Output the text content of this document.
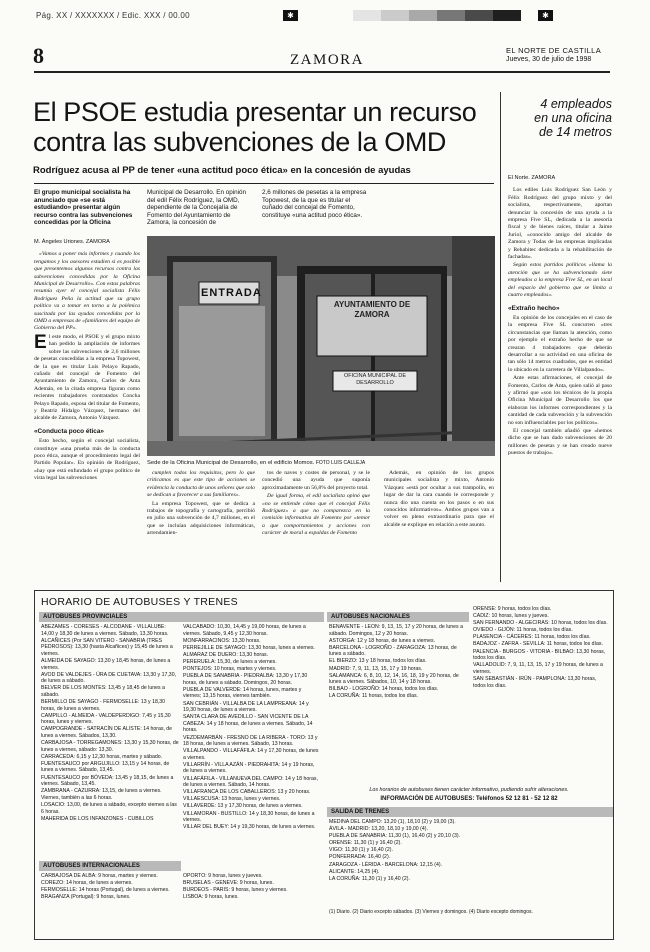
Pág. XX / XXXXXXX / Edic. XXX / 00.00	✱	✱
8	ZAMORA
EL NORTE DE CASTILLA
Jueves, 30 de julio de 1998
El PSOE estudia presentar un recurso
contra las subvenciones de la OMD
Rodríguez acusa al PP de tener «una actitud poco ética» en la concesión de ayudas
El grupo municipal socialista ha anunciado que «se está estudiando» presentar algún recurso contra las subvenciones concedidas por la Oficina
Municipal de Desarrollo. En opinión del edil Félix Rodríguez, la OMD, dependiente de la Concejalía de Fomento del Ayuntamiento de Zamora, la concesión de
2,6 millones de pesetas a la empresa Topowest, de la que es titular el cuñado del concejal de Fomento, constituye «una actitud poco ética».
M. Ángeles Uriones. ZAMORA

«Vamos a poner más informes y cuando los tengamos y los asesores estudien si es posible que presentemos algunos recursos contra las subvenciones concedidas por la Oficina Municipal de Desarrollo». Con estas palabras resumía ayer el concejal socialista Félix Rodríguez Peña la actitud que su grupo político va a tomar en torno a la polémica suscitada por las ayudas concedidas por la OMD a empresas de «familiares del equipo de Gobierno del PP».

El este modo, el PSOE y el grupo mixto han pedido la ampliación de informes sobre las subvenciones de 2,6 millones de pesetas concedidas a la empresa Topowest, de la que es titular Luis Pelayo Rapado, cuñado del concejal de Fomento del Ayuntamiento de Zamora, Carlos de Anta Ademán, en la citada empresa figuran como recientes trabajadores contratados Concha Pelayo Rapado, esposa del titular de Fomento, y Beatriz Hidalgo Vázquez, hermano del alcalde de Zamora, Antonio Vázquez.

«Conducta poco ética»

Esto hecho, según el concejal socialista, constituye «una prueba más de la conducta poco ética, aunque el procedimiento legal del Partido Popular». En opinión de Rodríguez, «hay que está enfundado el grupo político de vista legal las subvenciones

ENTRADA
AYUNTAMIENTO DE ZAMORA
OFICINA MUNICIPAL DE DESARROLLO
Sede de la Oficina Municipal de Desarrollo, en el edificio Momos. FOTO LUIS CALLEJA

cumplen todos los requisitos, pero lo que criticamos es que este tipo de acciones se evidencia la conducta de unos señores que solo se dedican a favorecer a sus familiares».

La empresa Topowest, que se dedica a trabajos de topografía y cartografía, percibió en julio una subvención de 4,7 millones, en el que se incluían adquisiciones informáticas, arrendamien-

tos de naves y costes de personal, y se le concedió una ayuda que suponía aproximadamente un 56,8% del proyecto total.

De igual forma, el edil socialista opinó que «no se entiende cómo que el concejal Félix Rodríguez» a que no comparezca en la comisión informativa de Fomento por «temor a que comportamientos y acciones con carácter de moral a espaldas de Fomento

Además, en opinión de los grupos municipales socialista y mixto, Antonio Vázquez «está por ocultar a sus trampolín, en lugar de dar la cara cuando le corresponde y nunca dio una cuenta en los pasos o en sus conocidos informativos». Ambos grupos van a volver en pleno extraordinario para que el alcalde se explique en relación a este asunto.

4 empleados
en una oficina
de 14 metros
El Norte. ZAMORA

Los ediles Luis Rodríguez San León y Félix Rodríguez del grupo mixto y del socialista, respectivamente, aportan denunciar la concesión de una ayuda a la empresa Five SL, dedicada a la asesoría fiscal y de bienes raíces, titular a Jaime Juriol, «conocido amigo del alcalde de Zamora y Todas de las empresas implicadas y Rehabitec dedicada a la rehabilitación de fachadas».

Según estos partidos políticos «llama la atención que se ha subvencionado siete empleados a la empresa Five SL, en un local del espacio del gobierno que se limita a cuatro empleados».

«Extraño hecho»

En opinión de los concejales en el caso de la empresa Five SL concurren «tres circunstancias que llaman la atención, como por ejemplo el extraño hecho de que se crearan 4 trabajadores que deberán desarrollar a su actividad en una oficina de tan sólo 14 metros cuadrados, que es entidad lo ubicado en la carretera de Villalpando».

Ante estas afirmaciones, el concejal de Fomento, Carlos de Anta, quien salió al paso y afirmó que «son los técnicos de la propia Oficina Municipal de Desarrollo los que elaboran los informes correspondientes y la cantidad de cada subvención y la subvención no son influenciables por los políticos».

El concejal también añadió que «hemos dicho que se han dado subvenciones de 20 millones de pesetas y se han creado nueve puestos de trabajo».

HORARIO DE AUTOBUSES Y TRENES
AUTOBUSES PROVINCIALES
ABEZAMES - CORESES - ALCODANE - VILLALUBE: 14,00 y 18,30 de lunes a viernes. Sábado, 13,30 horas.
ALCAÑICES (Por SAN VITERO - SANABRIA (TRES PEDROSOS): 13,30 (hasta Alcañices) y 15,45 de lunes a viernes.
ALMEIDA DE SAYAGO: 13,30 y 18,45 horas, de lunes a viernes.
AVOD DE VALDEJES - ÚRA DE CUETAVA: 13,30 y 17,30, de lunes a sábado.
BELVER DE LOS MONTES: 13,45 y 18,45 de lunes a sábado.
BERMILLO DE SAYAGO - FERMOSELLE: 13 y 18,30 horas, de lunes a viernes.
CAMPILLO - ALMEIDA - VALDEPERDIGO: 7,45 y 15,30 horas, lunes y viernes.
CAMPOGRANDE - SATRACÍN DE ALISTE: 14 horas, de lunes a viernes. Sábados, 13,30.
CARBAJOSA - TORREGAMONES: 13,30 y 15,30 horas, de lunes a viernes, sábado: 13,30.
CARRACEDA: 6,15 y 12,30 horas, martes y sábado.
FUENTESAUCO por ARGUJILLO: 13,15 y 14 horas, de lunes a viernes. Sábado, 13,45.
FUENTESAUCO por BÓVEDA: 13,45 y 18,15, de lunes a viernes. Sábado, 13,45.
ZAMBRANA - CAZURRA: 13,15, de lunes a viernes. Viernes, también a las 6 horas.
LOSACIO: 13,00, de lunes a sábado, excepto viernes a las 6 horas.
MAHERIDA DE LOS INFANZONES - CUBILLOS
VALCABADO: 10,30, 14,45 y 19,00 horas, de lunes a viernes. Sábado, 9,45 y 12,30 horas.
MONFARRACINOS: 13,30 horas.
PERREJILLE DE SAYAGO: 13,30 horas, lunes a viernes.
ALMARAZ DE DUERO: 13,30 horas.
PERERUELA: 15,30, de lunes a viernes.
PONTEJOS: 10 horas, martes y viernes.
PUEBLA DE SANABRIA - PIEDRALBA: 13,30 y 17,30 horas, de lunes a sábado. Domingos, 20 horas.
PUEBLA DE VALVERDE: 14 horas, lunes, martes y viernes; 13,15 horas, viernes también.
SAN CEBRIÁN - VILLALBA DE LA LAMPREANA: 14 y 19,30 horas, de lunes a viernes.
SANTA CLARA DE AVEDILLO - SAN VICENTE DE LA CABEZA: 14 y 18 horas, de lunes a viernes. Sábado, 14 horas.
VEZDEMARBÁN - FRESNO DE LA RIBERA - TORO: 13 y 18 horas, de lunes a viernes. Sábado, 13 horas.
VILLALPANDO - VILLAFÁFILA: 14 y 17,30 horas, de lunes a viernes.
VILLARRÍN - VILLA AZÁN - PIEDRAHITA: 14 y 19 horas, de lunes a viernes.
VILLAFÁFILA - VILLANUEVA DEL CAMPO: 14 y 18 horas, de lunes a viernes. Sábado, 14 horas.
VILLAFRANCA DE LOS CABALLEROS: 13 y 20 horas.
VILLAESCUSA: 13 horas, lunes y viernes.
VILLAVERDE: 13 y 17,30 horas, de lunes a viernes.
VILLAMORAN - BUSTILLO: 14 y 18,30 horas, de lunes a viernes.
VILLAR DEL BUEY: 14 y 19,30 horas, de lunes a viernes.
AUTOBUSES INTERNACIONALES
CARBAJOSA DE ALBA: 9 horas, martes y viernes.
COREZO: 14 horas, de lunes a viernes.
FERMOSELLE: 14 horas (Portugal), de lunes a viernes.
BRAGANZA (Portugal): 9 horas, lunes.
OPORTO: 9 horas, lunes y jueves.
BRUSELAS - GENEVE: 9 horas, lunes.
BURDEOS - PARIS: 9 horas, lunes y viernes.
LISBOA: 9 horas, lunes.
AUTOBUSES NACIONALES
BENAVENTE - LEÓN: 9, 13, 15, 17 y 20 horas, de lunes a sábado. Domingos, 12 y 20 horas.
ASTORGA: 12 y 18 horas, de lunes a viernes.
BARCELONA - LOGROÑO - ZARAGOZA: 13 horas, de lunes a sábado.
EL BIERZO: 13 y 18 horas, todos los días.
MADRID: 7, 9, 11, 13, 15, 17 y 19 horas.
SALAMANCA: 6, 8, 10, 12, 14, 16, 18, 19 y 20 horas, de lunes a viernes. Sábados, 10, 14 y 18 horas.
BILBAO - LOGROÑO: 14 horas, todos los días.
LA CORUÑA: 11 horas, todos los días.
ORENSE: 9 horas, todos los días.
CADIZ: 10 horas, lunes y jueves.
SAN FERNANDO - ALGECIRAS: 10 horas, todos los días.
OVIEDO - GIJÓN: 11 horas, todos los días.
PLASENCIA - CÁCERES: 11 horas, todos los días.
BADAJOZ - ZAFRA - SEVILLA: 11 horas, todos los días.
PALENCIA - BURGOS - VITORIA - BILBAO: 13,30 horas, todos los días.
VALLADOLID: 7, 9, 11, 13, 15, 17 y 19 horas, de lunes a viernes.
SAN SEBASTIÁN - IRÚN - PAMPLONA: 13,30 horas, todos los días.
Los horarios de autobuses tienen carácter informativo, pudiendo sufrir alteraciones.
INFORMACIÓN DE AUTOBUSES: Teléfonos 52 12 81 - 52 12 82
SALIDA DE TRENES
MEDINA DEL CAMPO: 13,20 (1), 18,10 (2) y 19,00 (3).
ÁVILA - MADRID: 13,20, 18,10 y 19,00 (4).
PUEBLA DE SANABRIA: 11,30 (1), 16,40 (2) y 20,10 (3).
ORENSE: 11,30 (1) y 16,40 (2).
VIGO: 11,30 (1) y 16,40 (2).
PONFERRADA: 16,40 (2).
ZARAGOZA - LÉRIDA - BARCELONA: 12,15 (4).
ALICANTE: 14,25 (4).
LA CORUÑA: 11,30 (1) y 16,40 (2).
(1) Diario. (2) Diario excepto sábados. (3) Viernes y domingos. (4) Diario excepto domingos.
